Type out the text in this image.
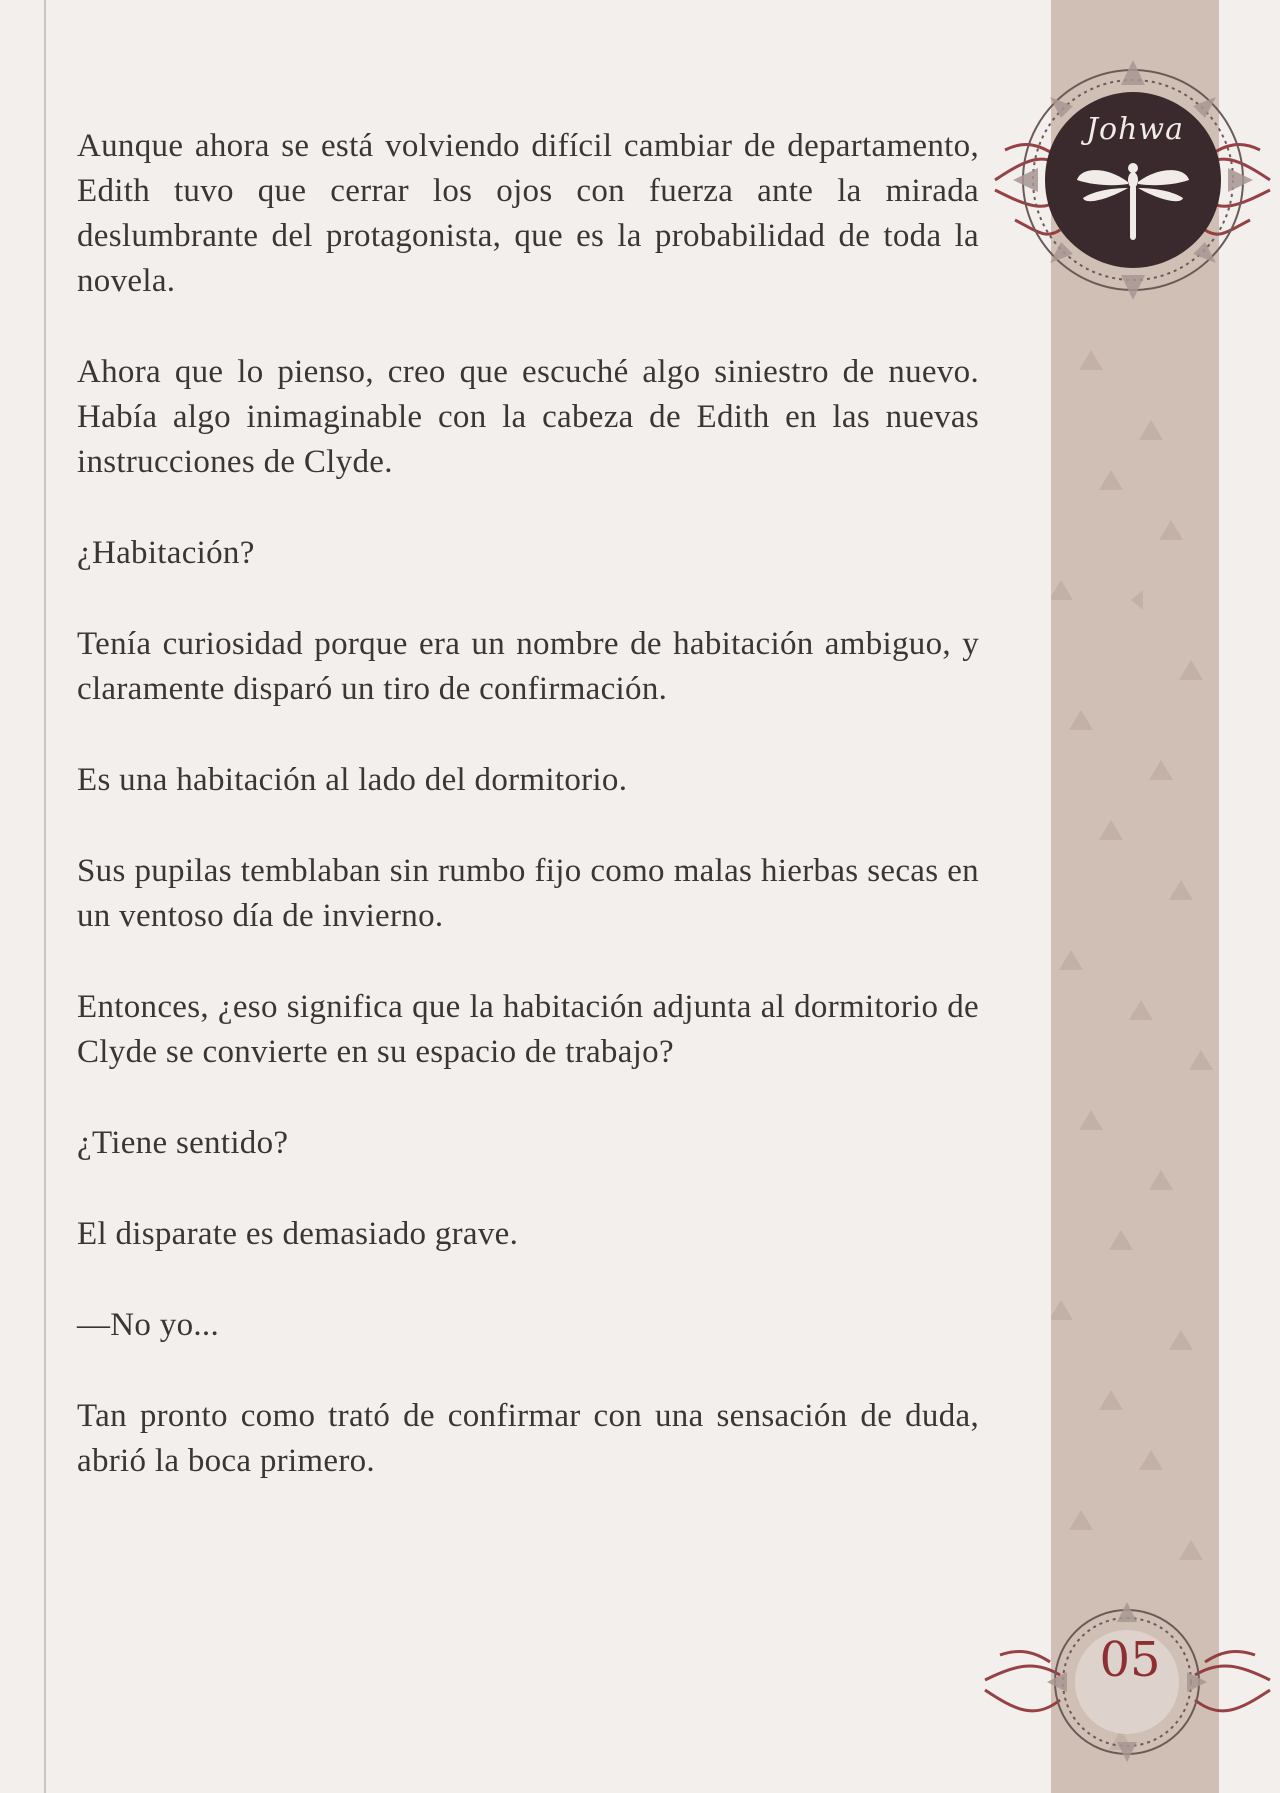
Aunque ahora se está volviendo difícil cambiar de departamento, Edith tuvo que cerrar los ojos con fuerza ante la mirada deslumbrante del protagonista, que es la probabilidad de toda la novela.

Ahora que lo pienso, creo que escuché algo siniestro de nuevo. Había algo inimaginable con la cabeza de Edith en las nuevas instrucciones de Clyde.

¿Habitación?

Tenía curiosidad porque era un nombre de habitación ambiguo, y claramente disparó un tiro de confirmación.

Es una habitación al lado del dormitorio.

Sus pupilas temblaban sin rumbo fijo como malas hierbas secas en un ventoso día de invierno.

Entonces, ¿eso significa que la habitación adjunta al dormitorio de Clyde se convierte en su espacio de trabajo?

¿Tiene sentido?

El disparate es demasiado grave.

—No yo...

Tan pronto como trató de confirmar con una sensación de duda, abrió la boca primero.

Johwa
05
